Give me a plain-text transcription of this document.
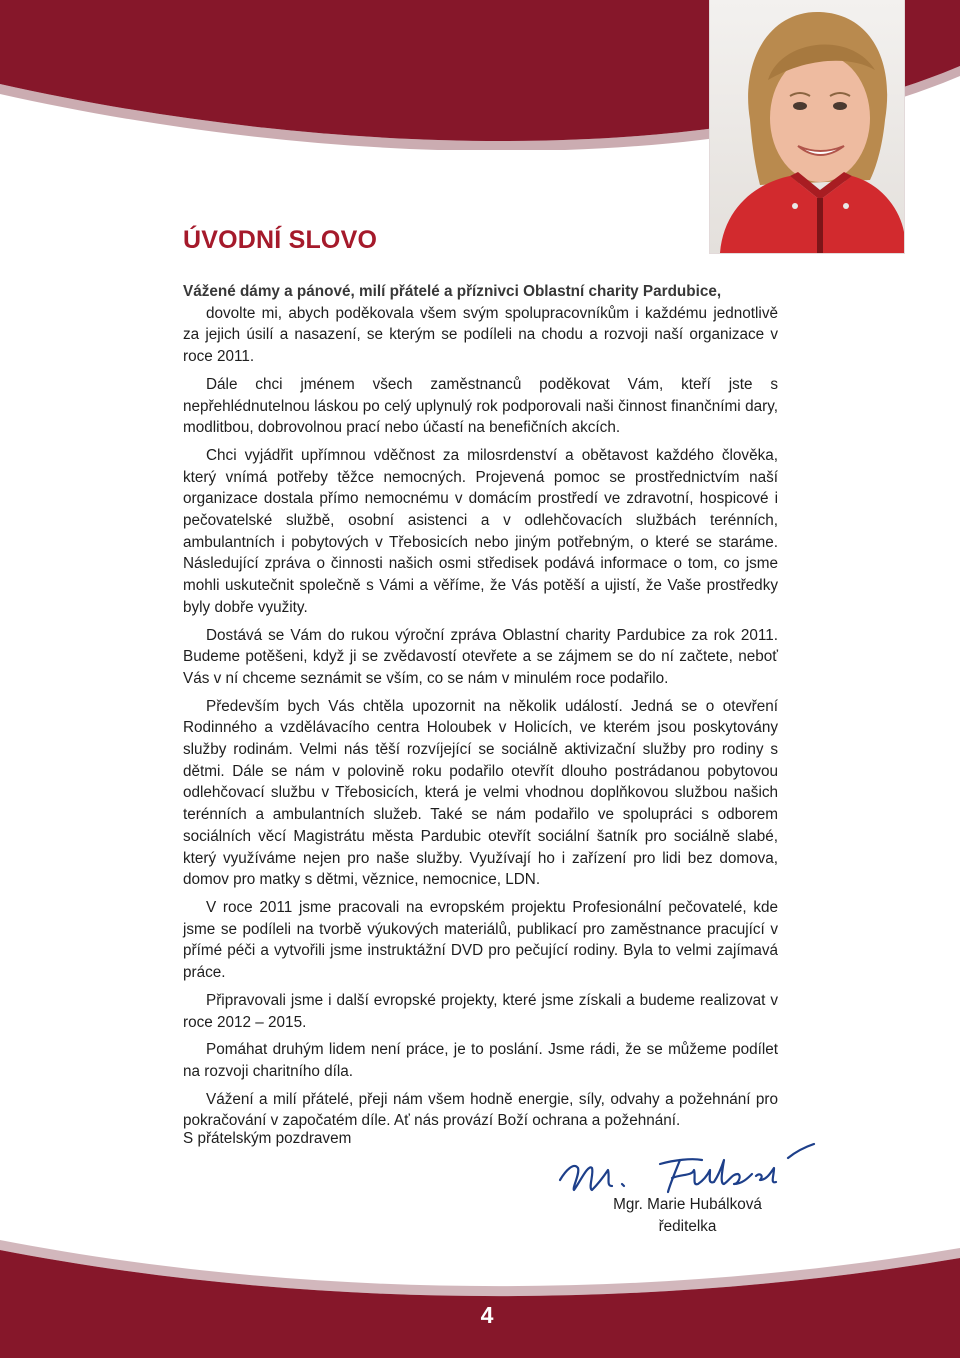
ÚVODNÍ SLOVO

Vážené dámy a pánové, milí přátelé a příznivci Oblastní charity Pardubice,

dovolte mi, abych poděkovala všem svým spolupracovníkům i každému jednotlivě za jejich úsilí a nasazení, se kterým se podíleli na chodu a rozvoji naší organizace v roce 2011.

Dále chci jménem všech zaměstnanců poděkovat Vám, kteří jste s nepřehlédnutelnou láskou po celý uplynulý rok podporovali naši činnost finančními dary, modlitbou, dobrovolnou prací nebo účastí na benefičních akcích.

Chci vyjádřit upřímnou vděčnost za milosrdenství a obětavost každého člověka, který vnímá potřeby těžce nemocných. Projevená pomoc se prostřednictvím naší organizace dostala přímo nemocnému v domácím prostředí ve zdravotní, hospicové i pečovatelské službě, osobní asistenci a v odlehčovacích službách terénních, ambulantních i pobytových v Třebosicích nebo jiným potřebným, o které se staráme. Následující zpráva o činnosti našich osmi středisek podává informace o tom, co jsme mohli uskutečnit společně s Vámi a věříme, že Vás potěší a ujistí, že Vaše prostředky byly dobře využity.

Dostává se Vám do rukou výroční zpráva Oblastní charity Pardubice za rok 2011. Budeme potěšeni, když ji se zvědavostí otevřete a se zájmem se do ní začtete, neboť Vás v ní chceme seznámit se vším, co se nám v minulém roce podařilo.

Především bych Vás chtěla upozornit na několik událostí. Jedná se o otevření Rodinného a vzdělávacího centra Holoubek v Holicích, ve kterém jsou poskytovány služby rodinám. Velmi nás těší rozvíjející se sociálně aktivizační služby pro rodiny s dětmi. Dále se nám v polovině roku podařilo otevřít dlouho postrádanou pobytovou odlehčovací službu v Třebosicích, která je velmi vhodnou doplňkovou službou našich terénních a ambulantních služeb. Také se nám podařilo ve spolupráci s odborem sociálních věcí Magistrátu města Pardubic otevřít sociální šatník pro sociálně slabé, který využíváme nejen pro naše služby. Využívají ho i zařízení pro lidi bez domova, domov pro matky s dětmi, věznice, nemocnice, LDN.

V roce 2011 jsme pracovali na evropském projektu Profesionální pečovatelé, kde jsme se podíleli na tvorbě výukových materiálů, publikací pro zaměstnance pracující v přímé péči a vytvořili jsme instruktážní DVD pro pečující rodiny. Byla to velmi zajímavá práce.

Připravovali jsme i další evropské projekty, které jsme získali a budeme realizovat v roce 2012 – 2015.

Pomáhat druhým lidem není práce, je to poslání. Jsme rádi, že se můžeme podílet na rozvoji charitního díla.

Vážení a milí přátelé, přeji nám všem hodně energie, síly, odvahy a požehnání pro pokračování v započatém díle. Ať nás provází Boží ochrana a požehnání.

S přátelským pozdravem

Mgr. Marie Hubálková
ředitelka
4
